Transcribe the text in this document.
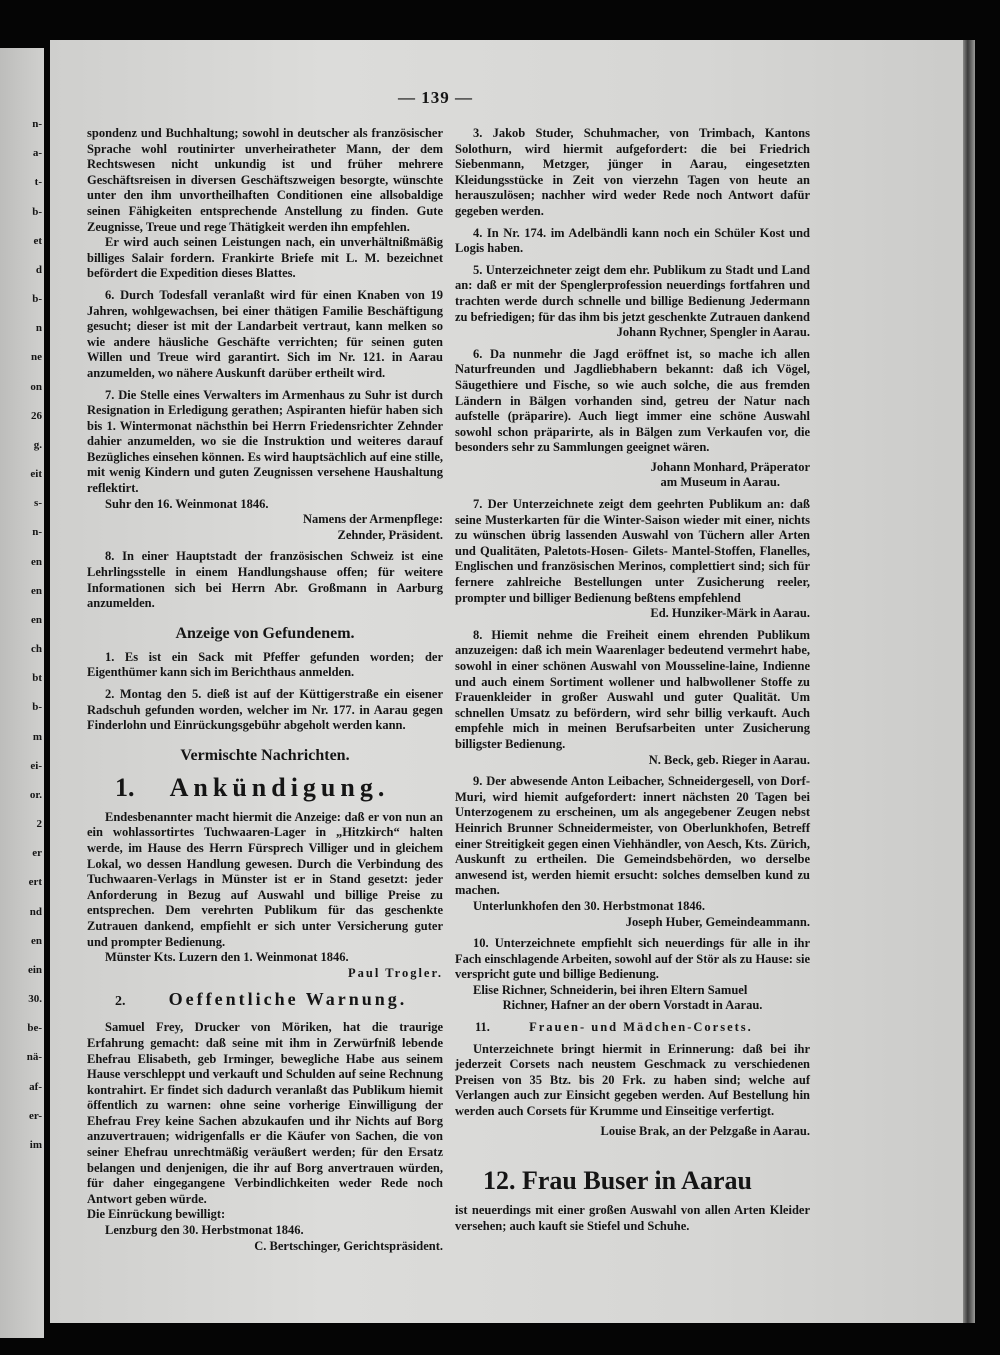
n-
a-
t-
b-
et
d
b-
n
ne
on
26
g.
eit
s-
n-
en
en
en
ch
bt
b-
m
ei-
or.
2
er
ert
nd
en
ein
30.
be-
nä-
af-
er-
im
— 139 —
spondenz und Buchhaltung; sowohl in deutscher als französischer Sprache wohl routinirter unverheiratheter Mann, der dem Rechtswesen nicht unkundig ist und früher mehrere Geschäftsreisen in diversen Geschäftszweigen besorgte, wünschte unter den ihm unvortheilhaften Conditionen eine allsobaldige seinen Fähigkeiten entsprechende Anstellung zu finden. Gute Zeugnisse, Treue und rege Thätigkeit werden ihn empfehlen.
Er wird auch seinen Leistungen nach, ein unverhältnißmäßig billiges Salair fordern. Frankirte Briefe mit L. M. bezeichnet befördert die Expedition dieses Blattes.
6. Durch Todesfall veranlaßt wird für einen Knaben von 19 Jahren, wohlgewachsen, bei einer thätigen Familie Beschäftigung gesucht; dieser ist mit der Landarbeit vertraut, kann melken so wie andere häusliche Geschäfte verrichten; für seinen guten Willen und Treue wird garantirt. Sich im Nr. 121. in Aarau anzumelden, wo nähere Auskunft darüber ertheilt wird.
7. Die Stelle eines Verwalters im Armenhaus zu Suhr ist durch Resignation in Erledigung gerathen; Aspiranten hiefür haben sich bis 1. Wintermonat nächsthin bei Herrn Friedensrichter Zehnder dahier anzumelden, wo sie die Instruktion und weiteres darauf Bezügliches einsehen können. Es wird hauptsächlich auf eine stille, mit wenig Kindern und guten Zeugnissen versehene Haushaltung reflektirt.
Suhr den 16. Weinmonat 1846.
Namens der Armenpflege:
Zehnder, Präsident.
8. In einer Hauptstadt der französischen Schweiz ist eine Lehrlingsstelle in einem Handlungshause offen; für weitere Informationen sich bei Herrn Abr. Großmann in Aarburg anzumelden.
Anzeige von Gefundenem.
1. Es ist ein Sack mit Pfeffer gefunden worden; der Eigenthümer kann sich im Berichthaus anmelden.
2. Montag den 5. dieß ist auf der Küttigerstraße ein eisener Radschuh gefunden worden, welcher im Nr. 177. in Aarau gegen Finderlohn und Einrückungsgebühr abgeholt werden kann.
Vermischte Nachrichten.
1. Ankündigung.
Endesbenannter macht hiermit die Anzeige: daß er von nun an ein wohlassortirtes Tuchwaaren-Lager in „Hitzkirch“ halten werde, im Hause des Herrn Fürsprech Villiger und in gleichem Lokal, wo dessen Handlung gewesen. Durch die Verbindung des Tuchwaaren-Verlags in Münster ist er in Stand gesetzt: jeder Anforderung in Bezug auf Auswahl und billige Preise zu entsprechen. Dem verehrten Publikum für das geschenkte Zutrauen dankend, empfiehlt er sich unter Versicherung guter und prompter Bedienung.
Münster Kts. Luzern den 1. Weinmonat 1846.
Paul Trogler.
2. Oeffentliche Warnung.
Samuel Frey, Drucker von Möriken, hat die traurige Erfahrung gemacht: daß seine mit ihm in Zerwürfniß lebende Ehefrau Elisabeth, geb Irminger, bewegliche Habe aus seinem Hause verschleppt und verkauft und Schulden auf seine Rechnung kontrahirt. Er findet sich dadurch veranlaßt das Publikum hiemit öffentlich zu warnen: ohne seine vorherige Einwilligung der Ehefrau Frey keine Sachen abzukaufen und ihr Nichts auf Borg anzuvertrauen; widrigenfalls er die Käufer von Sachen, die von seiner Ehefrau unrechtmäßig veräußert werden; für den Ersatz belangen und denjenigen, die ihr auf Borg anvertrauen würden, für daher eingegangene Verbindlichkeiten weder Rede noch Antwort geben würde.
Die Einrückung bewilligt:
Lenzburg den 30. Herbstmonat 1846.
C. Bertschinger, Gerichtspräsident.
3. Jakob Studer, Schuhmacher, von Trimbach, Kantons Solothurn, wird hiermit aufgefordert: die bei Friedrich Siebenmann, Metzger, jünger in Aarau, eingesetzten Kleidungsstücke in Zeit von vierzehn Tagen von heute an herauszulösen; nachher wird weder Rede noch Antwort dafür gegeben werden.
4. In Nr. 174. im Adelbändli kann noch ein Schüler Kost und Logis haben.
5. Unterzeichneter zeigt dem ehr. Publikum zu Stadt und Land an: daß er mit der Spenglerprofession neuerdings fortfahren und trachten werde durch schnelle und billige Bedienung Jedermann zu befriedigen; für das ihm bis jetzt geschenkte Zutrauen dankend
Johann Rychner, Spengler in Aarau.
6. Da nunmehr die Jagd eröffnet ist, so mache ich allen Naturfreunden und Jagdliebhabern bekannt: daß ich Vögel, Säugethiere und Fische, so wie auch solche, die aus fremden Ländern in Bälgen vorhanden sind, getreu der Natur nach aufstelle (präparire). Auch liegt immer eine schöne Auswahl sowohl schon präparirte, als in Bälgen zum Verkaufen vor, die besonders sehr zu Sammlungen geeignet wären.
Johann Monhard, Präperator
am Museum in Aarau.
7. Der Unterzeichnete zeigt dem geehrten Publikum an: daß seine Musterkarten für die Winter-Saison wieder mit einer, nichts zu wünschen übrig lassenden Auswahl von Tüchern aller Arten und Qualitäten, Paletots-Hosen- Gilets- Mantel-Stoffen, Flanelles, Englischen und französischen Merinos, complettiert sind; sich für fernere zahlreiche Bestellungen unter Zusicherung reeler, prompter und billiger Bedienung beßtens empfehlend
Ed. Hunziker-Märk in Aarau.
8. Hiemit nehme die Freiheit einem ehrenden Publikum anzuzeigen: daß ich mein Waarenlager bedeutend vermehrt habe, sowohl in einer schönen Auswahl von Mousseline-laine, Indienne und auch einem Sortiment wollener und halbwollener Stoffe zu Frauenkleider in großer Auswahl und guter Qualität. Um schnellen Umsatz zu befördern, wird sehr billig verkauft. Auch empfehle mich in meinen Berufsarbeiten unter Zusicherung billigster Bedienung.
N. Beck, geb. Rieger in Aarau.
9. Der abwesende Anton Leibacher, Schneidergesell, von Dorf-Muri, wird hiemit aufgefordert: innert nächsten 20 Tagen bei Unterzogenem zu erscheinen, um als angegebener Zeugen nebst Heinrich Brunner Schneidermeister, von Oberlunkhofen, Betreff einer Streitigkeit gegen einen Viehhändler, von Aesch, Kts. Zürich, Auskunft zu ertheilen. Die Gemeindsbehörden, wo derselbe anwesend ist, werden hiemit ersucht: solches demselben kund zu machen.
Unterlunkhofen den 30. Herbstmonat 1846.
Joseph Huber, Gemeindeammann.
10. Unterzeichnete empfiehlt sich neuerdings für alle in ihr Fach einschlagende Arbeiten, sowohl auf der Stör als zu Hause: sie verspricht gute und billige Bedienung.
Elise Richner, Schneiderin, bei ihren Eltern Samuel
Richner, Hafner an der obern Vorstadt in Aarau.
11.	Frauen- und Mädchen-Corsets.
Unterzeichnete bringt hiermit in Erinnerung: daß bei ihr jederzeit Corsets nach neustem Geschmack zu verschiedenen Preisen von 35 Btz. bis 20 Frk. zu haben sind; welche auf Verlangen auch zur Einsicht gegeben werden. Auf Bestellung hin werden auch Corsets für Krumme und Einseitige verfertigt.
Louise Brak, an der Pelzgaße in Aarau.
12. Frau Buser in Aarau
ist neuerdings mit einer großen Auswahl von allen Arten Kleider versehen; auch kauft sie Stiefel und Schuhe.
